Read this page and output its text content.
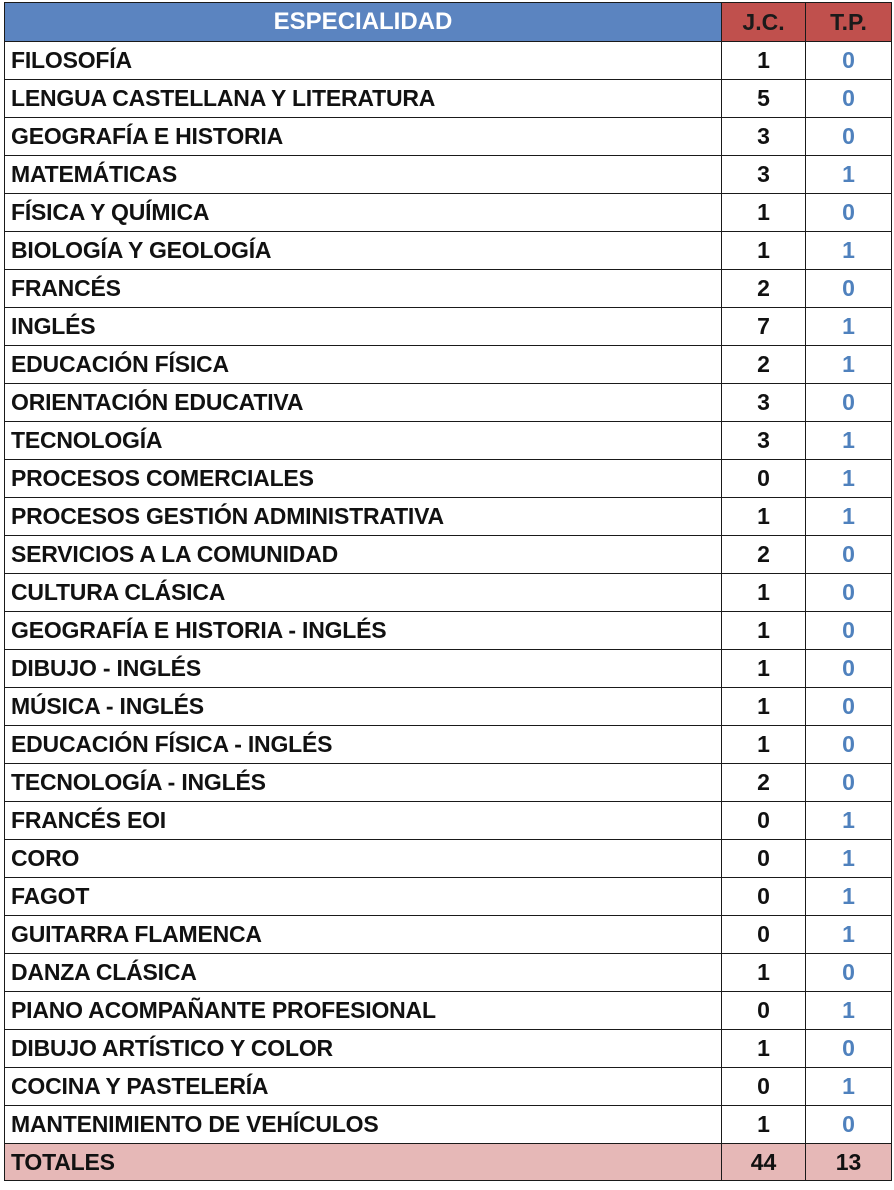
ESPECIALIDAD	J.C.	T.P.
FILOSOFÍA	1	0
LENGUA CASTELLANA Y LITERATURA	5	0
GEOGRAFÍA E HISTORIA	3	0
MATEMÁTICAS	3	1
FÍSICA Y QUÍMICA	1	0
BIOLOGÍA Y GEOLOGÍA	1	1
FRANCÉS	2	0
INGLÉS	7	1
EDUCACIÓN FÍSICA	2	1
ORIENTACIÓN EDUCATIVA	3	0
TECNOLOGÍA	3	1
PROCESOS COMERCIALES	0	1
PROCESOS GESTIÓN ADMINISTRATIVA	1	1
SERVICIOS A LA COMUNIDAD	2	0
CULTURA CLÁSICA	1	0
GEOGRAFÍA E HISTORIA - INGLÉS	1	0
DIBUJO - INGLÉS	1	0
MÚSICA - INGLÉS	1	0
EDUCACIÓN FÍSICA - INGLÉS	1	0
TECNOLOGÍA - INGLÉS	2	0
FRANCÉS EOI	0	1
CORO	0	1
FAGOT	0	1
GUITARRA FLAMENCA	0	1
DANZA CLÁSICA	1	0
PIANO ACOMPAÑANTE PROFESIONAL	0	1
DIBUJO ARTÍSTICO Y COLOR	1	0
COCINA Y PASTELERÍA	0	1
MANTENIMIENTO DE VEHÍCULOS	1	0
TOTALES	44	13
